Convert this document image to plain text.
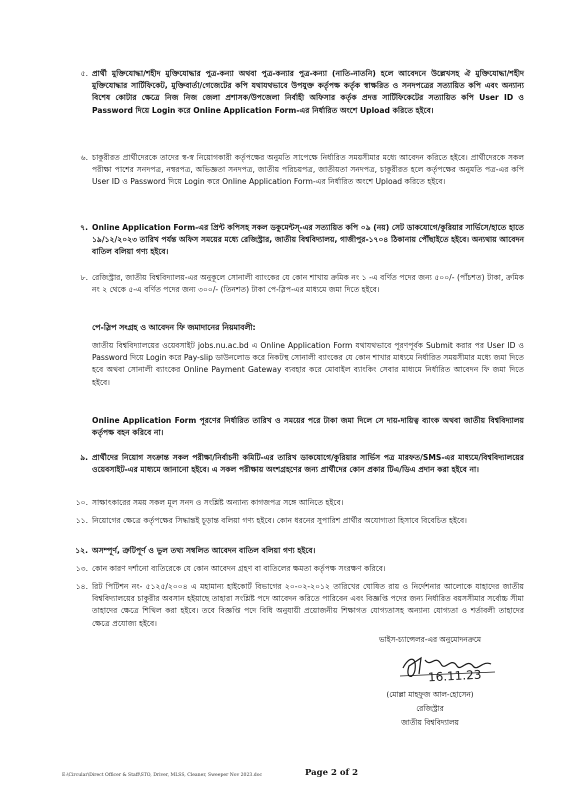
৫. প্রার্থী মুক্তিযোদ্ধা/শহীদ মুক্তিযোদ্ধার পুত্র-কন্যা অথবা পুত্র-কন্যার পুত্র-কন্যা (নাতি-নাতনি) হলে আবেদনে উল্লেখসহ ঐ মুক্তিযোদ্ধা/শহীদ মুক্তিযোদ্ধার সার্টিফিকেট, মুক্তিবার্তা/গেজেটের কপি যথাযথভাবে উপযুক্ত কর্তৃপক্ষ কর্তৃক স্বাক্ষরিত ও সনদপত্রের সত্যায়িত কপি এবং অন্যান্য বিশেষ কোটার ক্ষেত্রে নিজ নিজ জেলা প্রশাসক/উপজেলা নির্বাহী অফিসার কর্তৃক প্রদত্ত সার্টিফিকেটের সত্যায়িত কপি User ID ও Password দিয়ে Login করে Online Application Form-এর নির্ধারিত অংশে Upload করিতে হইবে।
৬. চাকুরীরত প্রার্থীদেরকে তাদের স্ব-স্ব নিয়োগকারী কর্তৃপক্ষের অনুমতি সাপেক্ষে নির্ধারিত সময়সীমার মধ্যে আবেদন করিতে হইবে। প্রার্থীদেরকে সকল পরীক্ষা পাশের সনদপত্র, নম্বরপত্র, অভিজ্ঞতা সনদপত্র, জাতীয় পরিচয়পত্র, জাতীয়তা সনদপত্র, চাকুরীরত হলে কর্তৃপক্ষের অনুমতি পত্র-এর কপি User ID ও Password দিয়ে Login করে Online Application Form-এর নির্ধারিত অংশে Upload করিতে হইবে।
৭. Online Application Form-এর প্রিন্ট কপিসহ সকল ডকুমেন্টস্-এর সত্যায়িত কপি ০৯ (নয়) সেট ডাকযোগে/কুরিয়ার সার্ভিসে/হাতে হাতে ১৯/১২/২০২৩ তারিখ পর্যন্ত অফিস সময়ের মধ্যে রেজিস্ট্রার, জাতীয় বিশ্ববিদ্যালয়, গাজীপুর-১৭০৪ ঠিকানায় পৌঁছাইতে হইবে। অন্যথায় আবেদন বাতিল বলিয়া গণ্য হইবে।
৮. রেজিস্ট্রার, জাতীয় বিশ্ববিদ্যালয়-এর অনুকূলে সোনালী ব্যাংকের যে কোন শাখায় ক্রমিক নং ১ -এ বর্ণিত পদের জন্য ৫০০/- (পাঁচশত) টাকা, ক্রমিক নং ২ থেকে ৫-এ বর্ণিত পদের জন্য ৩০০/- (তিনশত) টাকা পে-স্লিপ-এর মাধ্যমে জমা দিতে হইবে।
পে-স্লিপ সংগ্রহ ও আবেদন ফি জমাদানের নিয়মাবলী:
জাতীয় বিশ্ববিদ্যালয়ের ওয়েবসাইট jobs.nu.ac.bd এ Online Application Form যথাযথভাবে পূরণপূর্বক Submit করার পর User ID ও Password দিয়ে Login করে Pay-slip ডাউনলোড করে নিকটস্থ সোনালী ব্যাংকের যে কোন শাখার মাধ্যমে নির্ধারিত সময়সীমার মধ্যে জমা দিতে হবে অথবা সোনালী ব্যাংকের Online Payment Gateway ব্যবহার করে মোবাইল ব্যাংকিং সেবার মাধ্যমে নির্ধারিত আবেদন ফি জমা দিতে হইবে।
Online Application Form পূরণের নির্ধারিত তারিখ ও সময়ের পরে টাকা জমা দিলে সে দায়-দায়িত্ব ব্যাংক অথবা জাতীয় বিশ্ববিদ্যালয় কর্তৃপক্ষ বহন করিবে না।
৯. প্রার্থীদের নিয়োগ সংক্রান্ত সকল পরীক্ষা/নির্বাচনী কমিটি-এর তারিখ ডাকযোগে/কুরিয়ার সার্ভিস পত্র মারফত/SMS-এর মাধ্যমে/বিশ্ববিদ্যালয়ের ওয়েবসাইট-এর মাধ্যমে জানানো হইবে। এ সকল পরীক্ষায় অংশগ্রহণের জন্য প্রার্থীদের কোন প্রকার টিএ/ডিএ প্রদান করা হইবে না।
১০. সাক্ষাৎকারের সময় সকল মূল সনদ ও সংশ্লিষ্ট অন্যান্য কাগজপত্র সঙ্গে আনিতে হইবে।
১১. নিয়োগের ক্ষেত্রে কর্তৃপক্ষের সিদ্ধান্তই চূড়ান্ত বলিয়া গণ্য হইবে। কোন ধরনের সুপারিশ প্রার্থীর অযোগ্যতা হিসাবে বিবেচিত হইবে।
১২. অসম্পূর্ণ, ত্রুটিপূর্ণ ও ভুল তথ্য সম্বলিত আবেদন বাতিল বলিয়া গণ্য হইবে।
১৩. কোন কারণ দর্শানো ব্যতিরেকে যে কোন আবেদন গ্রহণ বা বাতিলের ক্ষমতা কর্তৃপক্ষ সংরক্ষণ করিবে।
১৪. রিট পিটিশন নং- ৫১২৫/২০০৪ এ মহামান্য হাইকোর্ট বিভাগের ২০-০২-২০১২ তারিখের ঘোষিত রায় ও নির্দেশনার আলোকে যাহাদের জাতীয় বিশ্ববিদ্যালয়ের চাকুরীর অবসান হইয়াছে তাহারা সংশ্লিষ্ট পদে আবেদন করিতে পারিবেন এবং বিজ্ঞপ্তি পদের জন্য নির্ধারিত বয়সসীমার সর্বোচ্চ সীমা তাহাদের ক্ষেত্রে শিথিল করা হইবে। তবে বিজ্ঞপ্তি পদে বিধি অনুযায়ী প্রয়োজনীয় শিক্ষাগত যোগ্যতাসহ অন্যান্য যোগ্যতা ও শর্তাবলী তাহাদের ক্ষেত্রে প্রযোজ্য হইবে।
ভাইস-চ্যান্সেলর-এর অনুমোদনক্রমে
16.11.23
(মোল্লা মাহফুজ আল-হোসেন)
রেজিস্ট্রার
জাতীয় বিশ্ববিদ্যালয়
E:\Circular\Direct Officer & Staff\STO, Driver, MLSS, Cleaner, Sweeper Nov 2023.doc	Page 2 of 2
